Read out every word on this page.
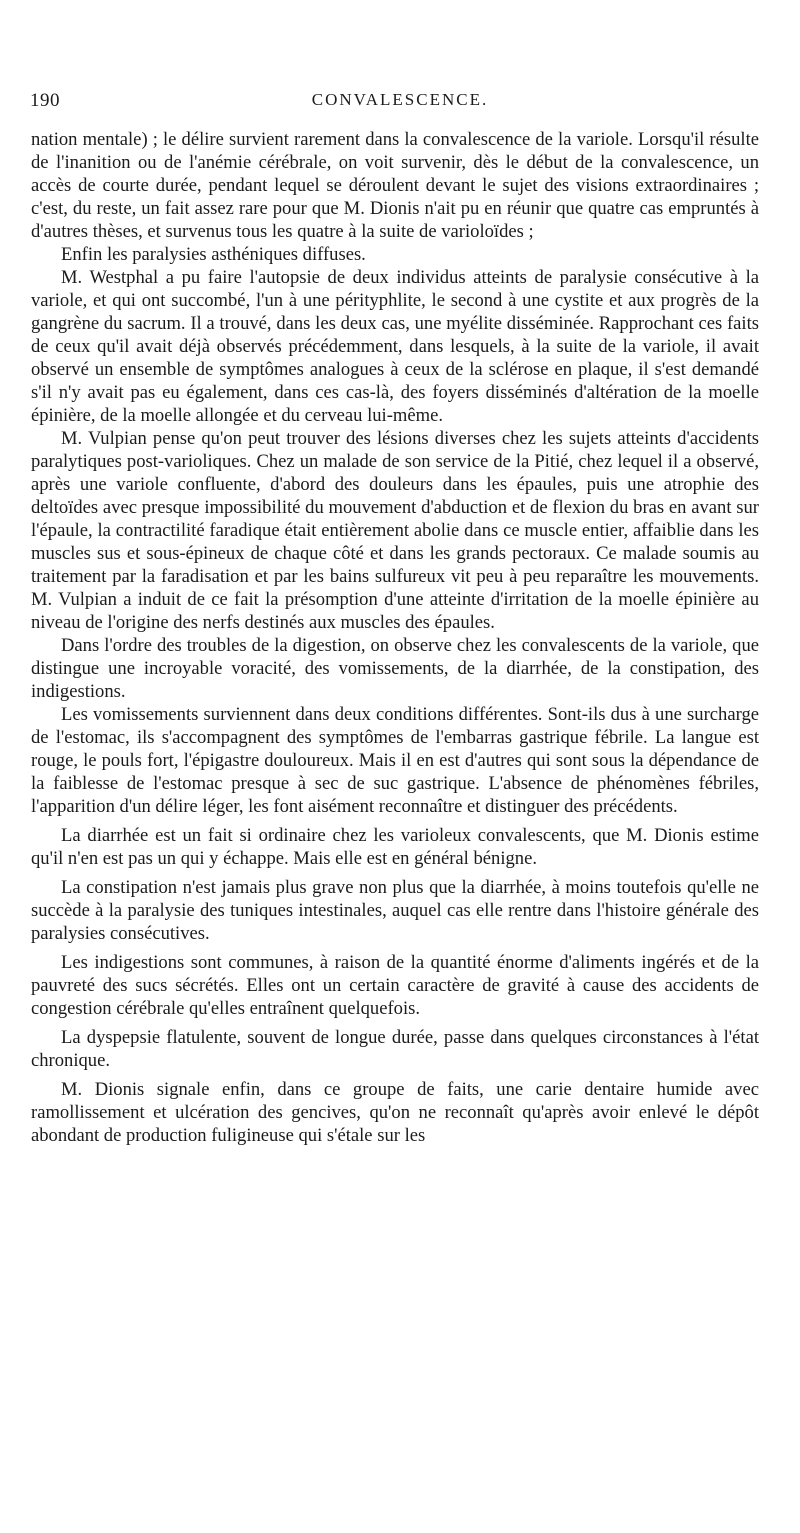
190	CONVALESCENCE.

nation mentale) ; le délire survient rarement dans la convalescence de la variole. Lorsqu'il résulte de l'inanition ou de l'anémie cérébrale, on voit survenir, dès le début de la convalescence, un accès de courte durée, pendant lequel se déroulent devant le sujet des visions extraordinaires ; c'est, du reste, un fait assez rare pour que M. Dionis n'ait pu en réunir que quatre cas empruntés à d'autres thèses, et survenus tous les quatre à la suite de varioloïdes ;

Enfin les paralysies asthéniques diffuses.

M. Westphal a pu faire l'autopsie de deux individus atteints de paralysie consécutive à la variole, et qui ont succombé, l'un à une pérityphlite, le second à une cystite et aux progrès de la gangrène du sacrum. Il a trouvé, dans les deux cas, une myélite disséminée. Rapprochant ces faits de ceux qu'il avait déjà observés précédemment, dans lesquels, à la suite de la variole, il avait observé un ensemble de symptômes analogues à ceux de la sclérose en plaque, il s'est demandé s'il n'y avait pas eu également, dans ces cas-là, des foyers disséminés d'altération de la moelle épinière, de la moelle allongée et du cerveau lui-même.

M. Vulpian pense qu'on peut trouver des lésions diverses chez les sujets atteints d'accidents paralytiques post-varioliques. Chez un malade de son service de la Pitié, chez lequel il a observé, après une variole confluente, d'abord des douleurs dans les épaules, puis une atrophie des deltoïdes avec presque impossibilité du mouvement d'abduction et de flexion du bras en avant sur l'épaule, la contractilité faradique était entièrement abolie dans ce muscle entier, affaiblie dans les muscles sus et sous-épineux de chaque côté et dans les grands pectoraux. Ce malade soumis au traitement par la faradisation et par les bains sulfureux vit peu à peu reparaître les mouvements. M. Vulpian a induit de ce fait la présomption d'une atteinte d'irritation de la moelle épinière au niveau de l'origine des nerfs destinés aux muscles des épaules.

Dans l'ordre des troubles de la digestion, on observe chez les convalescents de la variole, que distingue une incroyable voracité, des vomissements, de la diarrhée, de la constipation, des indigestions.

Les vomissements surviennent dans deux conditions différentes. Sont-ils dus à une surcharge de l'estomac, ils s'accompagnent des symptômes de l'embarras gastrique fébrile. La langue est rouge, le pouls fort, l'épigastre douloureux. Mais il en est d'autres qui sont sous la dépendance de la faiblesse de l'estomac presque à sec de suc gastrique. L'absence de phénomènes fébriles, l'apparition d'un délire léger, les font aisément reconnaître et distinguer des précédents.

La diarrhée est un fait si ordinaire chez les varioleux convalescents, que M. Dionis estime qu'il n'en est pas un qui y échappe. Mais elle est en général bénigne.

La constipation n'est jamais plus grave non plus que la diarrhée, à moins toutefois qu'elle ne succède à la paralysie des tuniques intestinales, auquel cas elle rentre dans l'histoire générale des paralysies consécutives.

Les indigestions sont communes, à raison de la quantité énorme d'aliments ingérés et de la pauvreté des sucs sécrétés. Elles ont un certain caractère de gravité à cause des accidents de congestion cérébrale qu'elles entraînent quelquefois.

La dyspepsie flatulente, souvent de longue durée, passe dans quelques circonstances à l'état chronique.

M. Dionis signale enfin, dans ce groupe de faits, une carie dentaire humide avec ramollissement et ulcération des gencives, qu'on ne reconnaît qu'après avoir enlevé le dépôt abondant de production fuligineuse qui s'étale sur les
